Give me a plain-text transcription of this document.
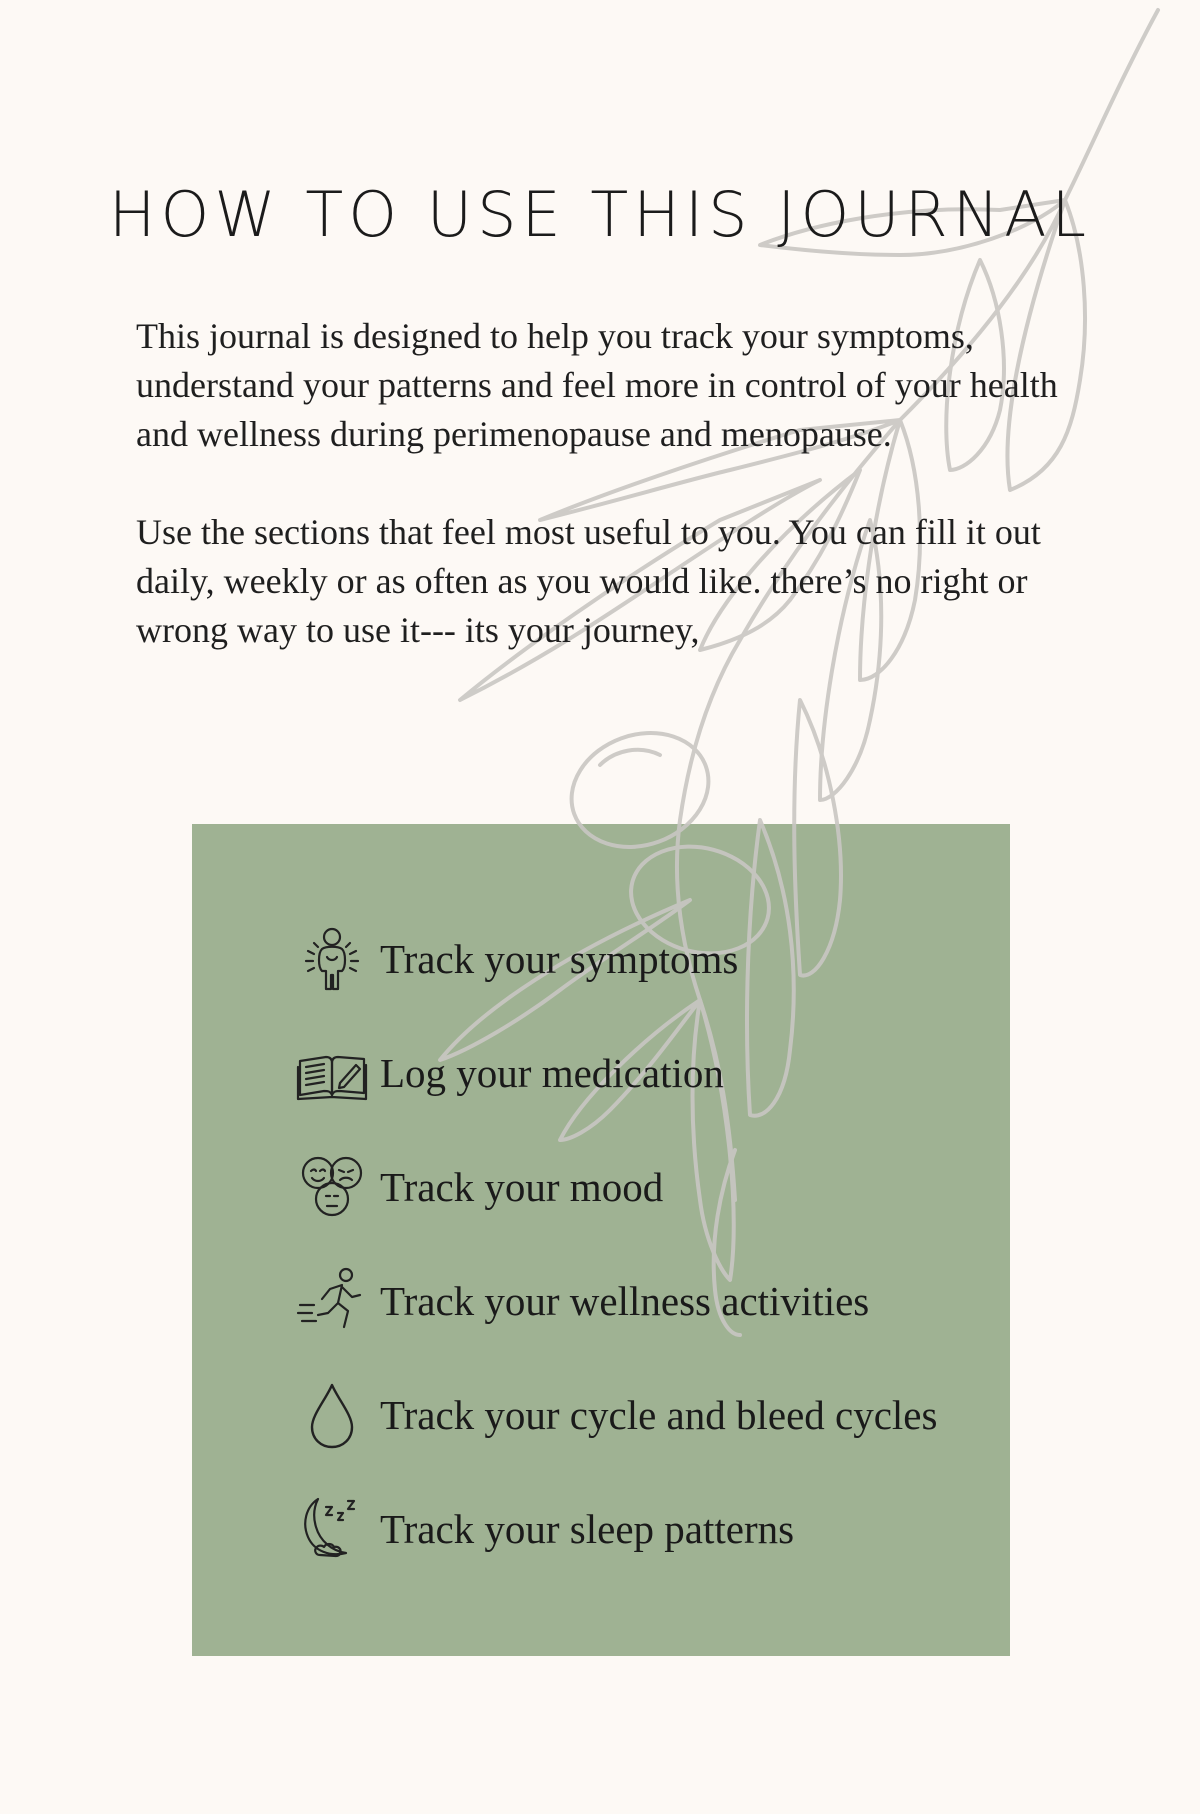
HOW TO USE THIS JOURNAL

This journal is designed to help you track your symptoms, understand your patterns and feel more in control of your health and wellness during perimenopause and menopause.

Use the sections that feel most useful to you. You can fill it out daily, weekly or as often as you would like. there’s no right or wrong way to use it--- its your journey,

Track your symptoms
Log your medication
Track your mood
Track your wellness activities
Track your cycle and bleed cycles
Track your sleep patterns
